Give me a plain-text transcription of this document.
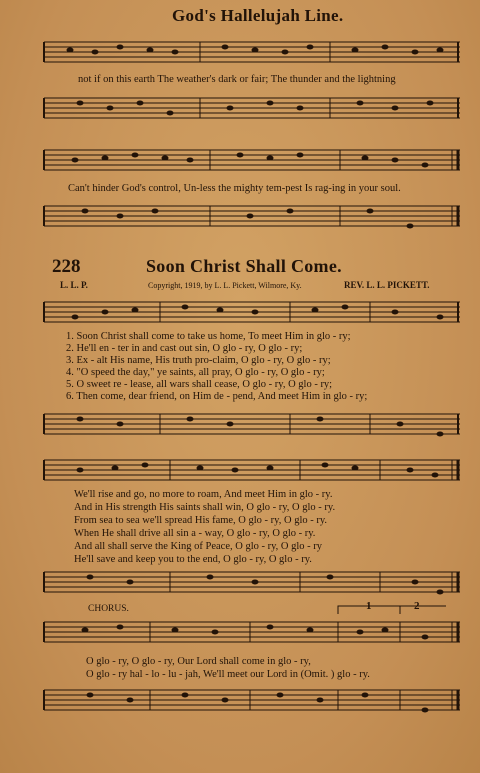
God's Hallelujah Line.
not if on this earth The weather's dark or fair; The thunder and the lightning
Can't hinder God's control, Un-less the mighty tem-pest Is rag-ing in your soul.
228	Soon Christ Shall Come.
L. L. P.	Copyright, 1919, by L. L. Pickett, Wilmore, Ky.	REV. L. L. PICKETT.
1. Soon Christ shall come to take us home, To meet Him in glo - ry;
2. He'll en - ter in and cast out sin, O glo - ry, O glo - ry;
3. Ex - alt His name, His truth pro-claim, O glo - ry, O glo - ry;
4. "O speed the day," ye saints, all pray, O glo - ry, O glo - ry;
5. O sweet re - lease, all wars shall cease, O glo - ry, O glo - ry;
6. Then come, dear friend, on Him de - pend, And meet Him in glo - ry;
We'll rise and go, no more to roam, And meet Him in glo - ry.
And in His strength His saints shall win, O glo - ry, O glo - ry.
From sea to sea we'll spread His fame, O glo - ry, O glo - ry.
When He shall drive all sin a - way, O glo - ry, O glo - ry.
And all shall serve the King of Peace, O glo - ry, O glo - ry
He'll save and keep you to the end, O glo - ry, O glo - ry.
CHORUS.	1	2
O glo - ry, O glo - ry, Our Lord shall come in glo - ry,
O glo - ry hal - lo - lu - jah, We'll meet our Lord in (Omit. ) glo - ry.
